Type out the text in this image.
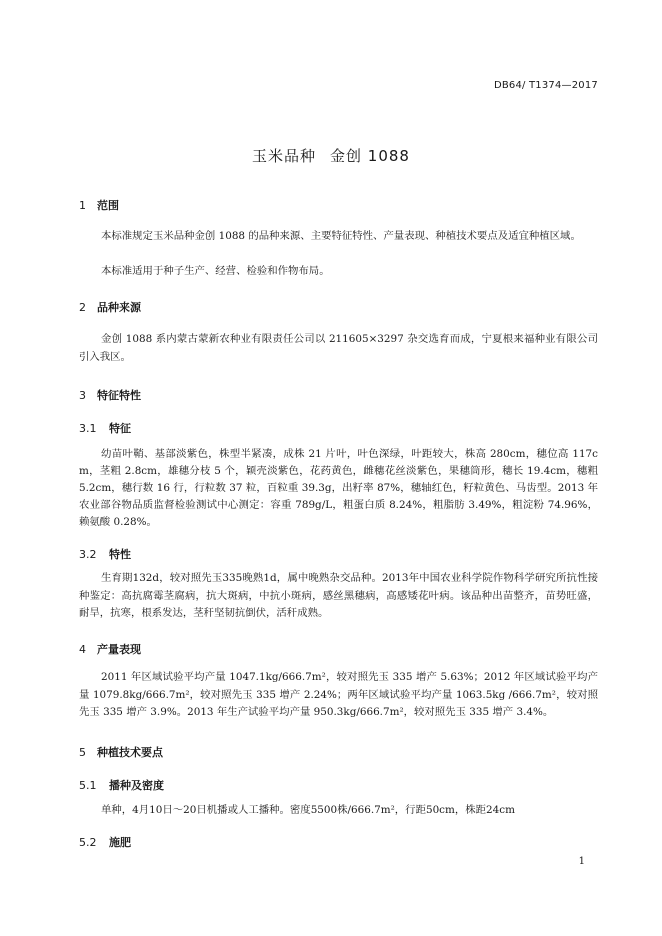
DB64/ T1374—2017
玉米品种 金创 1088
1 范围
本标准规定玉米品种金创 1088 的品种来源、主要特征特性、产量表现、种植技术要点及适宜种植区域。
本标准适用于种子生产、经营、检验和作物布局。
2 品种来源
金创 1088 系内蒙古蒙新农种业有限责任公司以 211605×3297 杂交选育而成，宁夏根来福种业有限公司引入我区。
3 特征特性
3.1 特征
幼苗叶鞘、基部淡紫色，株型半紧凑，成株 21 片叶，叶色深绿，叶距较大，株高 280cm，穗位高 117cm，茎粗 2.8cm，雄穗分枝 5 个，颖壳淡紫色，花药黄色，雌穗花丝淡紫色，果穗筒形，穗长 19.4cm，穗粗 5.2cm，穗行数 16 行，行粒数 37 粒，百粒重 39.3g，出籽率 87%，穗轴红色，籽粒黄色、马齿型。2013 年农业部谷物品质监督检验测试中心测定：容重 789g/L，粗蛋白质 8.24%，粗脂肪 3.49%，粗淀粉 74.96%，赖氨酸 0.28%。
3.2 特性
生育期132d，较对照先玉335晚熟1d，属中晚熟杂交品种。2013年中国农业科学院作物科学研究所抗性接种鉴定：高抗腐霉茎腐病，抗大斑病，中抗小斑病，感丝黑穗病，高感矮花叶病。该品种出苗整齐，苗势旺盛，耐旱，抗寒，根系发达，茎秆坚韧抗倒伏，活秆成熟。
4 产量表现
2011 年区域试验平均产量 1047.1kg/666.7m²，较对照先玉 335 增产 5.63%；2012 年区域试验平均产量 1079.8kg/666.7m²，较对照先玉 335 增产 2.24%；两年区域试验平均产量 1063.5kg /666.7m²，较对照先玉 335 增产 3.9%。2013 年生产试验平均产量 950.3kg/666.7m²，较对照先玉 335 增产 3.4%。
5 种植技术要点
5.1 播种及密度
单种，4月10日～20日机播或人工播种。密度5500株/666.7m²，行距50cm，株距24cm
5.2 施肥
1
